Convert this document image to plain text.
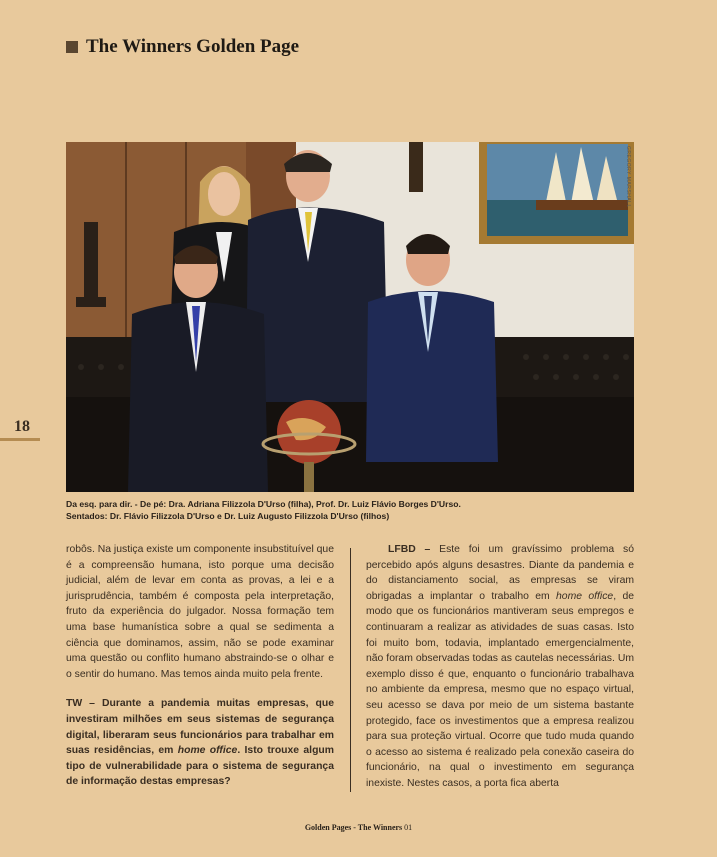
The Winners Golden Page
GREGORY MARSHALL
18
Da esq. para dir. - De pé: Dra. Adriana Filizzola D'Urso (filha), Prof. Dr. Luiz Flávio Borges D'Urso.
Sentados: Dr. Flávio Filizzola D'Urso e Dr. Luiz Augusto Filizzola D'Urso (filhos)

robôs. Na justiça existe um componente insubstituível que é a compreensão humana, isto porque uma decisão judicial, além de levar em conta as provas, a lei e a jurisprudência, também é composta pela interpretação, fruto da experiência do julgador. Nossa formação tem uma base humanística sobre a qual se sedimenta a ciência que dominamos, assim, não se pode examinar uma questão ou conflito humano abstraindo-se o olhar e o sentir do humano. Mas temos ainda muito pela frente.

TW – Durante a pandemia muitas empresas, que investiram milhões em seus sistemas de segurança digital, liberaram seus funcionários para trabalhar em suas residências, em home office. Isto trouxe algum tipo de vulnerabilidade para o sistema de segurança de informação destas empresas?

LFBD – Este foi um gravíssimo problema só percebido após alguns desastres. Diante da pandemia e do distanciamento social, as empresas se viram obrigadas a implantar o trabalho em home office, de modo que os funcionários mantiveram seus empregos e continuaram a realizar as atividades de suas casas. Isto foi muito bom, todavia, implantado emergencialmente, não foram observadas todas as cautelas necessárias. Um exemplo disso é que, enquanto o funcionário trabalhava no ambiente da empresa, mesmo que no espaço virtual, seu acesso se dava por meio de um sistema bastante protegido, face os investimentos que a empresa realizou para sua proteção virtual. Ocorre que tudo muda quando o acesso ao sistema é realizado pela conexão caseira do funcionário, na qual o investimento em segurança inexiste. Nestes casos, a porta fica aberta

Golden Pages - The Winners 01
